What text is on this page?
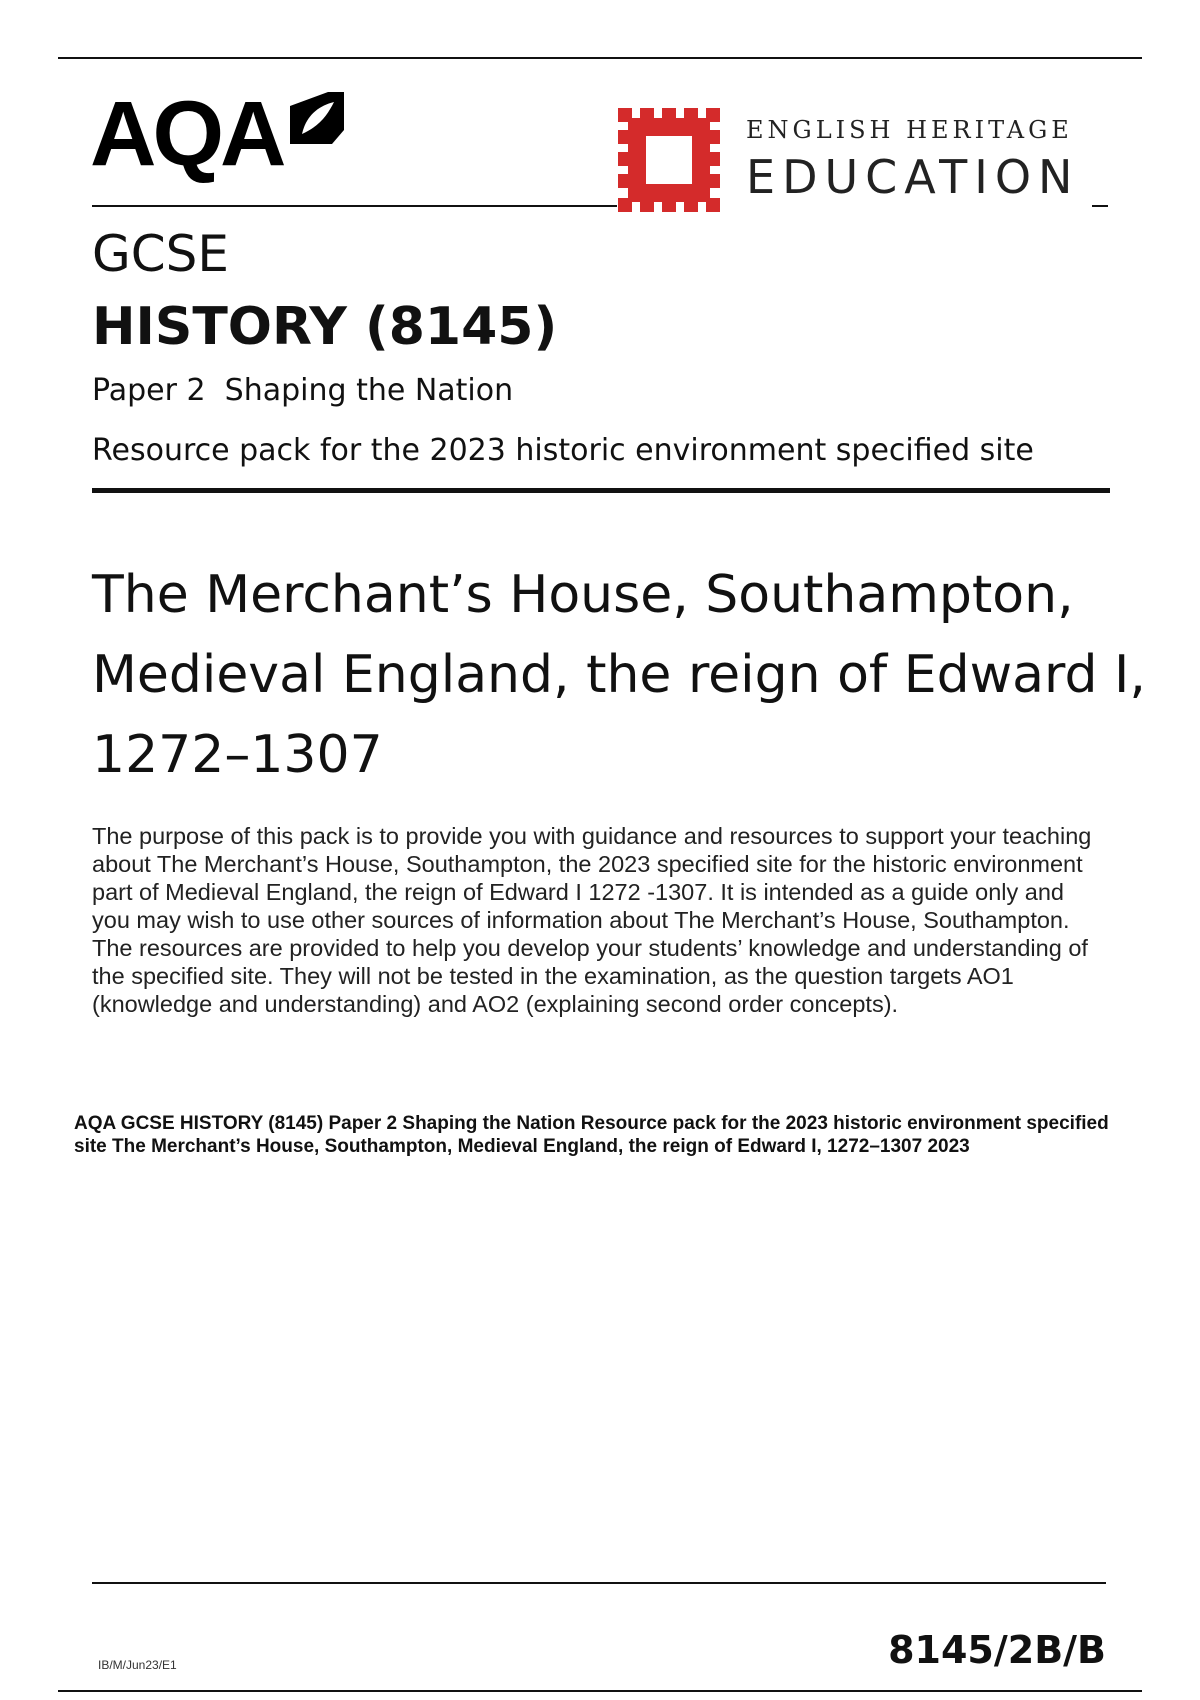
AQA	ENGLISH HERITAGE
EDUCATION
GCSE
HISTORY (8145)
Paper 2  Shaping the Nation
Resource pack for the 2023 historic environment specified site
The Merchant’s House, Southampton,
Medieval England, the reign of Edward I,
1272–1307
The purpose of this pack is to provide you with guidance and resources to support your teaching about The Merchant’s House, Southampton, the 2023 specified site for the historic environment part of Medieval England, the reign of Edward I 1272 -1307. It is intended as a guide only and you may wish to use other sources of information about The Merchant’s House, Southampton. The resources are provided to help you develop your students’ knowledge and understanding of the specified site. They will not be tested in the examination, as the question targets AO1 (knowledge and understanding) and AO2 (explaining second order concepts).
AQA GCSE HISTORY (8145) Paper 2 Shaping the Nation Resource pack for the 2023 historic environment specified site The Merchant’s House, Southampton, Medieval England, the reign of Edward I, 1272–1307 2023
IB/M/Jun23/E1	8145/2B/B
